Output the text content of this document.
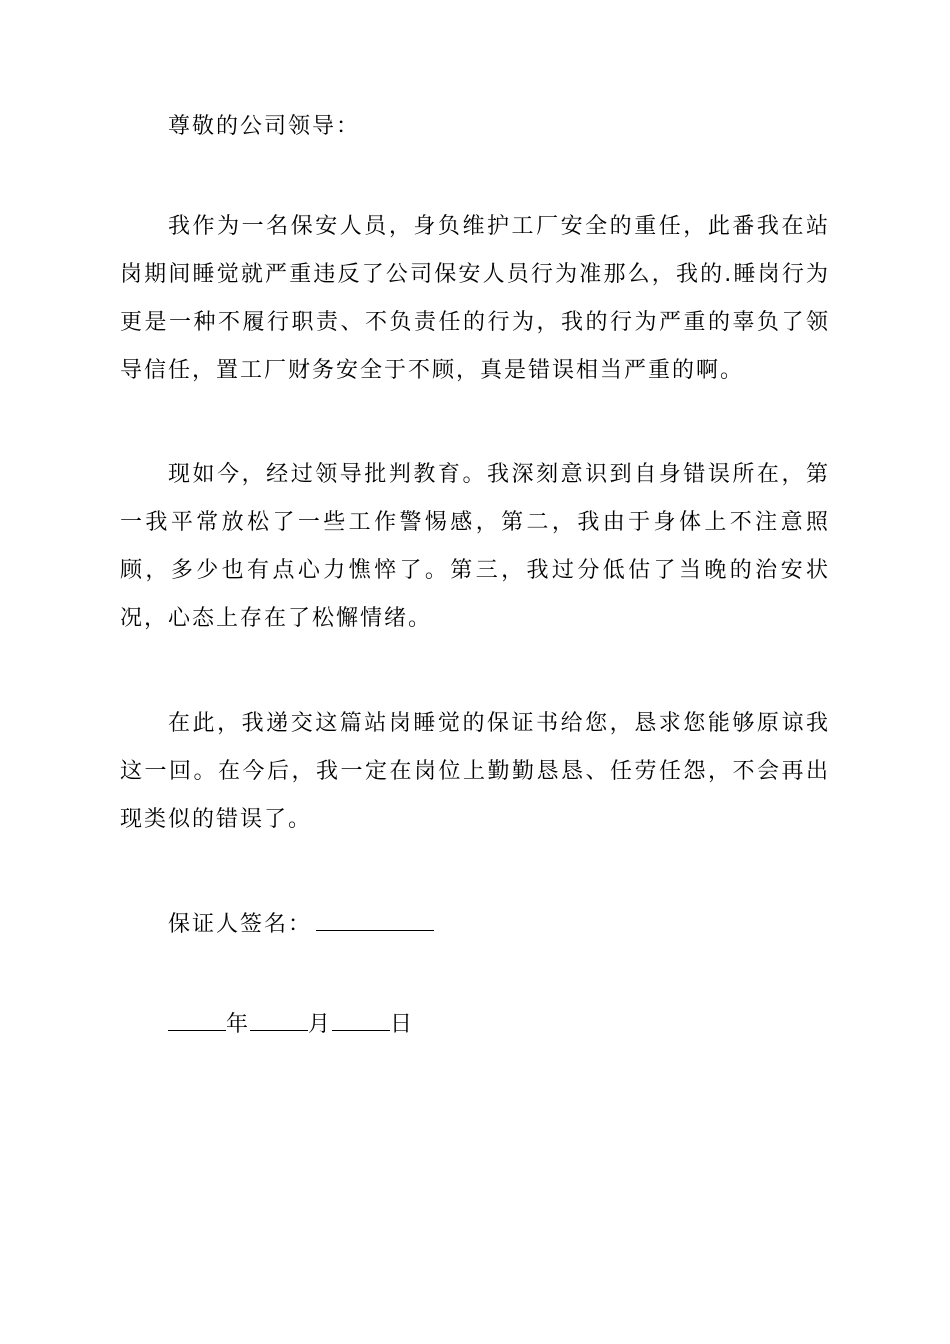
尊敬的公司领导：

我作为一名保安人员，身负维护工厂安全的重任，此番我在站岗期间睡觉就严重违反了公司保安人员行为准那么，我的.睡岗行为更是一种不履行职责、不负责任的行为，我的行为严重的辜负了领导信任，置工厂财务安全于不顾，真是错误相当严重的啊。

现如今，经过领导批判教育。我深刻意识到自身错误所在，第一我平常放松了一些工作警惕感，第二，我由于身体上不注意照顾，多少也有点心力憔悴了。第三，我过分低估了当晚的治安状况，心态上存在了松懈情绪。

在此，我递交这篇站岗睡觉的保证书给您，恳求您能够原谅我这一回。在今后，我一定在岗位上勤勤恳恳、任劳任怨，不会再出现类似的错误了。

保证人签名：
年	月	日
